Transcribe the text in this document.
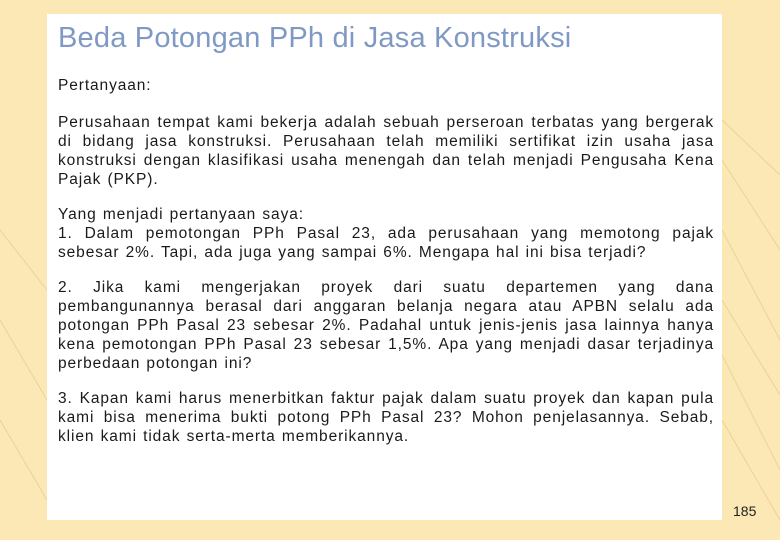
Beda Potongan PPh di Jasa Konstruksi

Pertanyaan:

Perusahaan tempat kami bekerja adalah sebuah perseroan terbatas yang bergerak di bidang jasa konstruksi. Perusahaan telah memiliki sertifikat izin usaha jasa konstruksi dengan klasifikasi usaha menengah dan telah menjadi Pengusaha Kena Pajak (PKP).

Yang menjadi pertanyaan saya:
1. Dalam pemotongan PPh Pasal 23, ada perusahaan yang memotong pajak sebesar 2%. Tapi, ada juga yang sampai 6%. Mengapa hal ini bisa terjadi?

2. Jika kami mengerjakan proyek dari suatu departemen yang dana pembangunannya berasal dari anggaran belanja negara atau APBN selalu ada potongan PPh Pasal 23 sebesar 2%. Padahal untuk jenis-jenis jasa lainnya hanya kena pemotongan PPh Pasal 23 sebesar 1,5%. Apa yang menjadi dasar terjadinya perbedaan potongan ini?

3. Kapan kami harus menerbitkan faktur pajak dalam suatu proyek dan kapan pula kami bisa menerima bukti potong PPh Pasal 23? Mohon penjelasannya. Sebab, klien kami tidak serta-merta memberikannya.

185
